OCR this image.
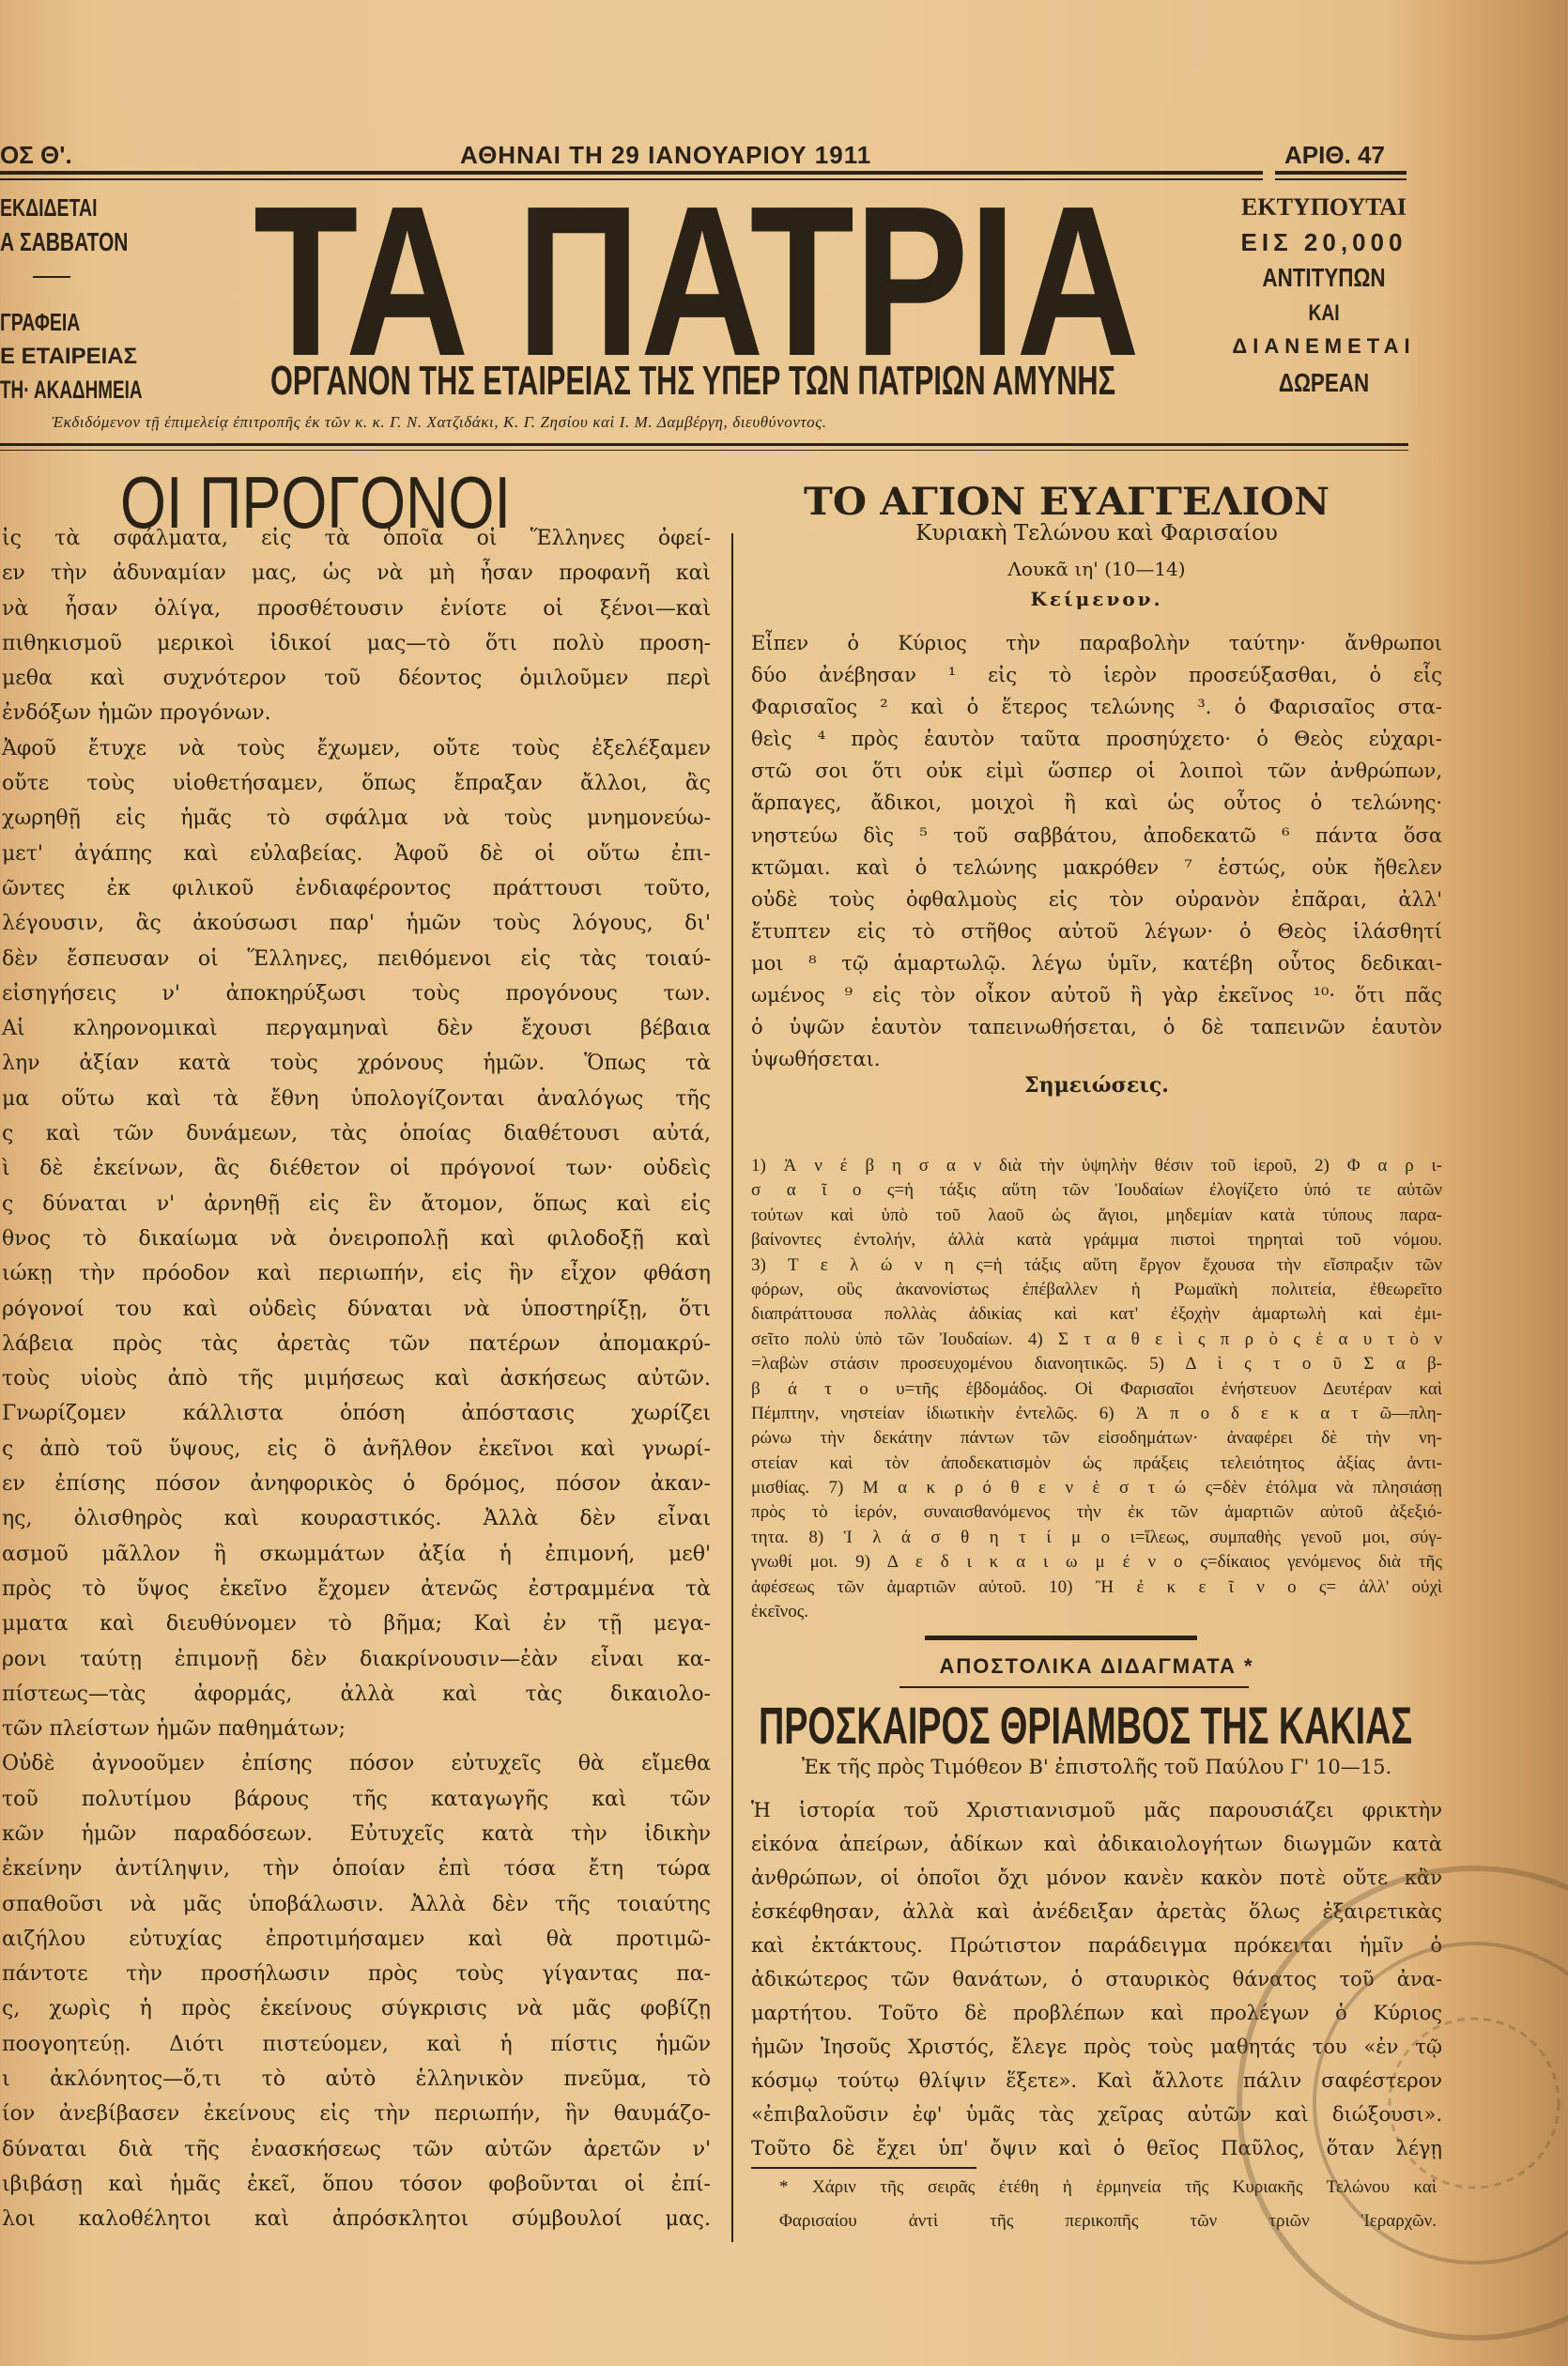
ΟΣ Θ'.	ΑΘΗΝΑΙ ΤΗ 29 ΙΑΝΟΥΑΡΙΟΥ 1911	ΑΡΙΘ. 47
ΕΚΔΙΔΕΤΑΙ
Α ΣΑΒΒΑΤΟΝ
ΓΡΑΦΕΙΑ
Ε ΕΤΑΙΡΕΙΑΣ
ΤΗ· ΑΚΑΔΗΜΕΙΑ ΤΑ ΠΑΤΡΙΑ
ΟΡΓΑΝΟΝ ΤΗΣ ΕΤΑΙΡΕΙΑΣ ΤΗΣ ΥΠΕΡ ΤΩΝ ΠΑΤΡΙΩΝ ΑΜΥΝΗΣ
ΕΚΤΥΠΟΥΤΑΙ
ΕΙΣ 20,000
ΑΝΤΙΤΥΠΩΝ
ΚΑΙ
ΔΙΑΝΕΜΕΤΑΙ
ΔΩΡΕΑΝ
Ἐκδιδόμενον τῇ ἐπιμελείᾳ ἐπιτροπῆς ἐκ τῶν κ. κ. Γ. Ν. Χατζιδάκι, Κ. Γ. Ζησίου καὶ Ι. Μ. Δαμβέργη, διευθύνοντος.
ΟΙ ΠΡΟΓΟΝΟΙ
ἰς τὰ σφάλματα, εἰς τὰ ὁποῖα οἱ Ἕλληνες ὀφεί-
εν τὴν ἀδυναμίαν μας, ὡς νὰ μὴ ἦσαν προφανῆ καὶ
νὰ ἦσαν ὀλίγα, προσθέτουσιν ἐνίοτε οἱ ξένοι—καὶ
πιθηκισμοῦ μερικοὶ ἰδικοί μας—τὸ ὅτι πολὺ προση-
μεθα καὶ συχνότερον τοῦ δέοντος ὁμιλοῦμεν περὶ
ἐνδόξων ἡμῶν προγόνων.
Ἀφοῦ ἔτυχε νὰ τοὺς ἔχωμεν, οὔτε τοὺς ἐξελέξαμεν
οὔτε τοὺς υἱοθετήσαμεν, ὅπως ἔπραξαν ἄλλοι, ἂς
χωρηθῇ εἰς ἡμᾶς τὸ σφάλμα νὰ τοὺς μνημονεύω-
μετ' ἀγάπης καὶ εὐλαβείας. Ἀφοῦ δὲ οἱ οὕτω ἐπι-
ῶντες ἐκ φιλικοῦ ἐνδιαφέροντος πράττουσι τοῦτο,
λέγουσιν, ἂς ἀκούσωσι παρ' ἡμῶν τοὺς λόγους, δι'
δὲν ἔσπευσαν οἱ Ἕλληνες, πειθόμενοι εἰς τὰς τοιαύ-
εἰσηγήσεις ν' ἀποκηρύξωσι τοὺς προγόνους των.
Αἱ κληρονομικαὶ περγαμηναὶ δὲν ἔχουσι βέβαια
λην ἀξίαν κατὰ τοὺς χρόνους ἡμῶν. Ὅπως τὰ
μα οὕτω καὶ τὰ ἔθνη ὑπολογίζονται ἀναλόγως τῆς
ς καὶ τῶν δυνάμεων, τὰς ὁποίας διαθέτουσι αὐτά,
ὶ δὲ ἐκείνων, ἃς διέθετον οἱ πρόγονοί των· οὐδεὶς
ς δύναται ν' ἀρνηθῇ εἰς ἓν ἄτομον, ὅπως καὶ εἰς
θνος τὸ δικαίωμα νὰ ὀνειροπολῇ καὶ φιλοδοξῇ καὶ
ιώκῃ τὴν πρόοδον καὶ περιωπήν, εἰς ἣν εἶχον φθάση
ρόγονοί του καὶ οὐδεὶς δύναται νὰ ὑποστηρίξῃ, ὅτι
λάβεια πρὸς τὰς ἀρετὰς τῶν πατέρων ἀπομακρύ-
τοὺς υἱοὺς ἀπὸ τῆς μιμήσεως καὶ ἀσκήσεως αὐτῶν.
Γνωρίζομεν κάλλιστα ὁπόση ἀπόστασις χωρίζει
ς ἀπὸ τοῦ ὕψους, εἰς ὃ ἀνῆλθον ἐκεῖνοι καὶ γνωρί-
εν ἐπίσης πόσον ἀνηφορικὸς ὁ δρόμος, πόσον ἀκαν-
ης, ὀλισθηρὸς καὶ κουραστικός. Ἀλλὰ δὲν εἶναι
ασμοῦ μᾶλλον ἢ σκωμμάτων ἀξία ἡ ἐπιμονή, μεθ'
πρὸς τὸ ὕψος ἐκεῖνο ἔχομεν ἀτενῶς ἐστραμμένα τὰ
μματα καὶ διευθύνομεν τὸ βῆμα; Καὶ ἐν τῇ μεγα-
ρονι ταύτῃ ἐπιμονῇ δὲν διακρίνουσιν—ἐὰν εἶναι κα-
πίστεως—τὰς ἀφορμάς, ἀλλὰ καὶ τὰς δικαιολο-
τῶν πλείστων ἡμῶν παθημάτων;
Οὐδὲ ἀγνοοῦμεν ἐπίσης πόσον εὐτυχεῖς θὰ εἴμεθα
τοῦ πολυτίμου βάρους τῆς καταγωγῆς καὶ τῶν
κῶν ἡμῶν παραδόσεων. Εὐτυχεῖς κατὰ τὴν ἰδικὴν
ἐκείνην ἀντίληψιν, τὴν ὁποίαν ἐπὶ τόσα ἔτη τώρα
σπαθοῦσι νὰ μᾶς ὑποβάλωσιν. Ἀλλὰ δὲν τῆς τοιαύτης
αιζήλου εὐτυχίας ἐπροτιμήσαμεν καὶ θὰ προτιμῶ-
πάντοτε τὴν προσήλωσιν πρὸς τοὺς γίγαντας πα-
ς, χωρὶς ἡ πρὸς ἐκείνους σύγκρισις νὰ μᾶς φοβίζῃ
ποογοητεύῃ. Διότι πιστεύομεν, καὶ ἡ πίστις ἡμῶν
ι ἀκλόνητος—ὅ,τι τὸ αὐτὸ ἑλληνικὸν πνεῦμα, τὸ
ίον ἀνεβίβασεν ἐκείνους εἰς τὴν περιωπήν, ἣν θαυμάζο-
δύναται διὰ τῆς ἐνασκήσεως τῶν αὐτῶν ἀρετῶν ν'
ιβιβάσῃ καὶ ἡμᾶς ἐκεῖ, ὅπου τόσον φοβοῦνται οἱ ἐπί-
λοι καλοθέλητοι καὶ ἀπρόσκλητοι σύμβουλοί μας.
ΤΟ ΑΓΙΟΝ ΕΥΑΓΓΕΛΙΟΝ
Κυριακὴ Τελώνου καὶ Φαρισαίου
Λουκᾶ ιη' (10—14)
Κείμενον.
Εἶπεν ὁ Κύριος τὴν παραβολὴν ταύτην· ἄνθρωποι
δύο ἀνέβησαν ¹ εἰς τὸ ἱερὸν προσεύξασθαι, ὁ εἷς
Φαρισαῖος ² καὶ ὁ ἕτερος τελώνης ³. ὁ Φαρισαῖος στα-
θεὶς ⁴ πρὸς ἑαυτὸν ταῦτα προσηύχετο· ὁ Θεὸς εὐχαρι-
στῶ σοι ὅτι οὐκ εἰμὶ ὥσπερ οἱ λοιποὶ τῶν ἀνθρώπων,
ἅρπαγες, ἄδικοι, μοιχοὶ ἢ καὶ ὡς οὗτος ὁ τελώνης·
νηστεύω δὶς ⁵ τοῦ σαββάτου, ἀποδεκατῶ ⁶ πάντα ὅσα
κτῶμαι. καὶ ὁ τελώνης μακρόθεν ⁷ ἑστώς, οὐκ ἤθελεν
οὐδὲ τοὺς ὀφθαλμοὺς εἰς τὸν οὐρανὸν ἐπᾶραι, ἀλλ'
ἔτυπτεν εἰς τὸ στῆθος αὐτοῦ λέγων· ὁ Θεὸς ἱλάσθητί
μοι ⁸ τῷ ἁμαρτωλῷ. λέγω ὑμῖν, κατέβη οὗτος δεδικαι-
ωμένος ⁹ εἰς τὸν οἶκον αὐτοῦ ἢ γὰρ ἐκεῖνος ¹⁰· ὅτι πᾶς
ὁ ὑψῶν ἑαυτὸν ταπεινωθήσεται, ὁ δὲ ταπεινῶν ἑαυτὸν
ὑψωθήσεται.
Σημειώσεις.
1) Ἀ ν έ β η σ α ν διὰ τὴν ὑψηλὴν θέσιν τοῦ ἱεροῦ, 2) Φ α ρ ι-
σ α ῖ ο ς=ἡ τάξις αὕτη τῶν Ἰουδαίων ἐλογίζετο ὑπό τε αὐτῶν
τούτων καὶ ὑπὸ τοῦ λαοῦ ὡς ἅγιοι, μηδεμίαν κατὰ τύπους παρα-
βαίνοντες ἐντολήν, ἀλλὰ κατὰ γράμμα πιστοὶ τηρηταὶ τοῦ νόμου.
3) Τ ε λ ώ ν η ς=ἡ τάξις αὕτη ἔργον ἔχουσα τὴν εἴσπραξιν τῶν
φόρων, οὓς ἀκανονίστως ἐπέβαλλεν ἡ Ρωμαϊκὴ πολιτεία, ἐθεωρεῖτο
διαπράττουσα πολλὰς ἀδικίας καὶ κατ' ἐξοχὴν ἁμαρτωλὴ καὶ ἐμι-
σεῖτο πολὺ ὑπὸ τῶν Ἰουδαίων. 4) Σ τ α θ ε ὶ ς π ρ ὸ ς ἑ α υ τ ὸ ν
=λαβὼν στάσιν προσευχομένου διανοητικῶς. 5) Δ ὶ ς τ ο ῦ Σ α β-
β ά τ ο υ=τῆς ἑβδομάδος. Οἱ Φαρισαῖοι ἐνήστευον Δευτέραν καὶ
Πέμπτην, νηστείαν ἰδιωτικὴν ἐντελῶς. 6) Ἀ π ο δ ε κ α τ ῶ—πλη-
ρώνω τὴν δεκάτην πάντων τῶν εἰσοδημάτων· ἀναφέρει δὲ τὴν νη-
στείαν καὶ τὸν ἀποδεκατισμὸν ὡς πράξεις τελειότητος ἀξίας ἀντι-
μισθίας. 7) Μ α κ ρ ό θ ε ν ἑ σ τ ώ ς=δὲν ἐτόλμα νὰ πλησιάσῃ
πρὸς τὸ ἱερόν, συναισθανόμενος τὴν ἐκ τῶν ἁμαρτιῶν αὐτοῦ ἀξεξιό-
τητα. 8) Ἱ λ ά σ θ η τ ί μ ο ι=ἵλεως, συμπαθὴς γενοῦ μοι, σύγ-
γνωθί μοι. 9) Δ ε δ ι κ α ι ω μ έ ν ο ς=δίκαιος γενόμενος διὰ τῆς
ἀφέσεως τῶν ἁμαρτιῶν αὐτοῦ. 10) Ἢ ἐ κ ε ῖ ν ο ς= ἀλλ' οὐχὶ
ἐκεῖνος.
ΑΠΟΣΤΟΛΙΚΑ ΔΙΔΑΓΜΑΤΑ *
ΠΡΟΣΚΑΙΡΟΣ ΘΡΙΑΜΒΟΣ ΤΗΣ ΚΑΚΙΑΣ
Ἐκ τῆς πρὸς Τιμόθεον Β' ἐπιστολῆς τοῦ Παύλου Γ' 10—15.
Ἡ ἱστορία τοῦ Χριστιανισμοῦ μᾶς παρουσιάζει φρικτὴν
εἰκόνα ἀπείρων, ἀδίκων καὶ ἀδικαιολογήτων διωγμῶν κατὰ
ἀνθρώπων, οἱ ὁποῖοι ὄχι μόνον κανὲν κακὸν ποτὲ οὔτε κἂν
ἐσκέφθησαν, ἀλλὰ καὶ ἀνέδειξαν ἀρετὰς ὅλως ἐξαιρετικὰς
καὶ ἐκτάκτους. Πρώτιστον παράδειγμα πρόκειται ἡμῖν ὁ
ἀδικώτερος τῶν θανάτων, ὁ σταυρικὸς θάνατος τοῦ ἀνα-
μαρτήτου. Τοῦτο δὲ προβλέπων καὶ προλέγων ὁ Κύριος
ἡμῶν Ἰησοῦς Χριστός, ἔλεγε πρὸς τοὺς μαθητάς του «ἐν τῷ
κόσμῳ τούτῳ θλίψιν ἕξετε». Καὶ ἄλλοτε πάλιν σαφέστερον
«ἐπιβαλοῦσιν ἐφ' ὑμᾶς τὰς χεῖρας αὐτῶν καὶ διώξουσι».
Τοῦτο δὲ ἔχει ὑπ' ὄψιν καὶ ὁ θεῖος Παῦλος, ὅταν λέγῃ
* Χάριν τῆς σειρᾶς ἐτέθη ἡ ἑρμηνεία τῆς Κυριακῆς Τελώνου καὶ
Φαρισαίου ἀντὶ τῆς περικοπῆς τῶν τριῶν Ἱεραρχῶν.
